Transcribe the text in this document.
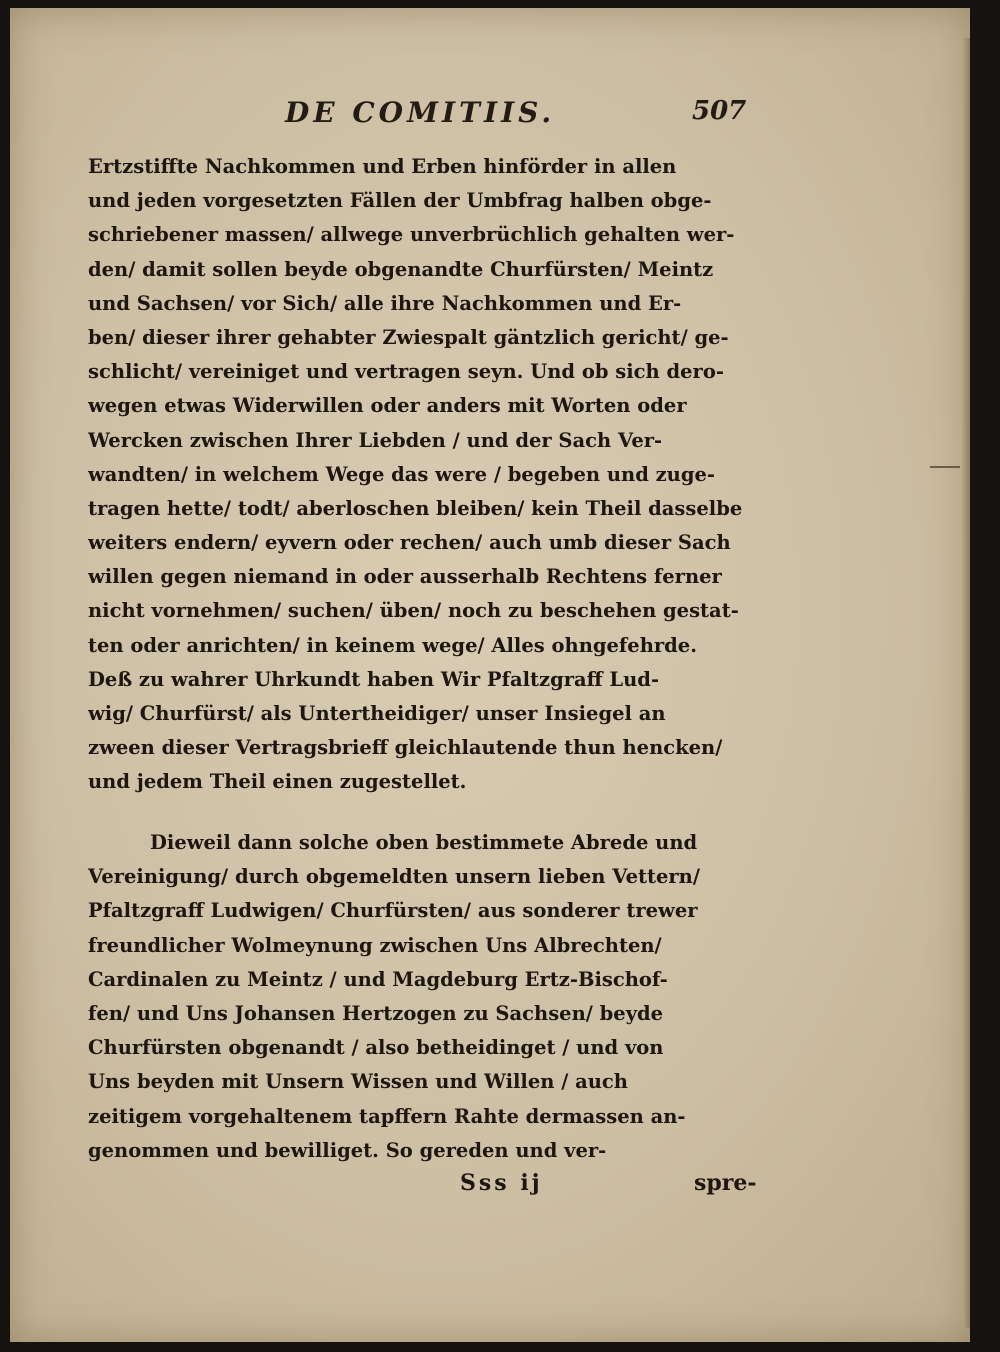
DE COMITIIS.	507
Ertzstiffte Nachkommen und Erben hinförder in allen
und jeden vorgesetzten Fällen der Umbfrag halben obge-
schriebener massen/ allwege unverbrüchlich gehalten wer-
den/ damit sollen beyde obgenandte Churfürsten/ Meintz
und Sachsen/ vor Sich/ alle ihre Nachkommen und Er-
ben/ dieser ihrer gehabter Zwiespalt gäntzlich gericht/ ge-
schlicht/ vereiniget und vertragen seyn. Und ob sich dero-
wegen etwas Widerwillen oder anders mit Worten oder
Wercken zwischen Ihrer Liebden / und der Sach Ver-
wandten/ in welchem Wege das were / begeben und zuge-
tragen hette/ todt/ aberloschen bleiben/ kein Theil dasselbe
weiters endern/ eyvern oder rechen/ auch umb dieser Sach
willen gegen niemand in oder ausserhalb Rechtens ferner
nicht vornehmen/ suchen/ üben/ noch zu beschehen gestat-
ten oder anrichten/ in keinem wege/ Alles ohngefehrde.
Deß zu wahrer Uhrkundt haben Wir Pfaltzgraff Lud-
wig/ Churfürst/ als Untertheidiger/ unser Insiegel an
zween dieser Vertragsbrieff gleichlautende thun hencken/
und jedem Theil einen zugestellet.
Dieweil dann solche oben bestimmete Abrede und
Vereinigung/ durch obgemeldten unsern lieben Vettern/
Pfaltzgraff Ludwigen/ Churfürsten/ aus sonderer trewer
freundlicher Wolmeynung zwischen Uns Albrechten/
Cardinalen zu Meintz / und Magdeburg Ertz-Bischof-
fen/ und Uns Johansen Hertzogen zu Sachsen/ beyde
Churfürsten obgenandt / also betheidinget / und von
Uns beyden mit Unsern Wissen und Willen / auch
zeitigem vorgehaltenem tapffern Rahte dermassen an-
genommen und bewilliget. So gereden und ver-
Sss ij	spre-
